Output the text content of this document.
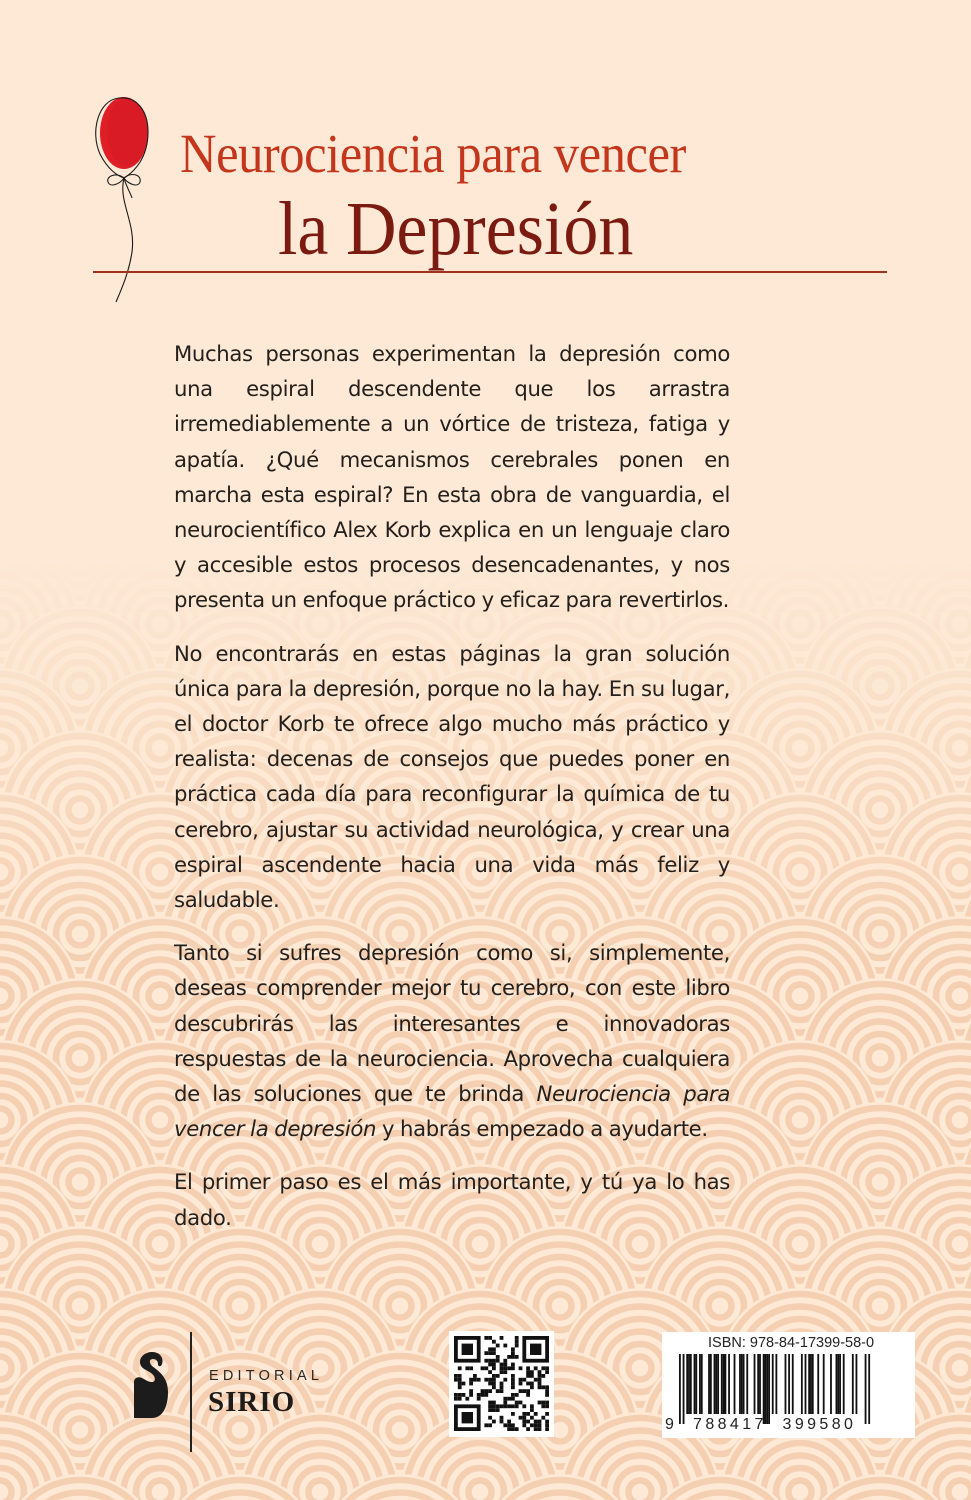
Neurociencia para vencer
la Depresión

Muchas personas experimentan la depresión como una espiral descendente que los arrastra irremediablemente a un vórtice de tristeza, fatiga y apatía. ¿Qué mecanismos cerebrales ponen en marcha esta espiral? En esta obra de vanguardia, el neurocientífico Alex Korb explica en un lenguaje claro y accesible estos procesos desencadenantes, y nos presenta un enfoque práctico y eficaz para revertirlos.

No encontrarás en estas páginas la gran solución única para la depresión, porque no la hay. En su lugar, el doctor Korb te ofrece algo mucho más práctico y realista: decenas de consejos que puedes poner en práctica cada día para reconfigurar la química de tu cerebro, ajustar su actividad neurológica, y crear una espiral ascendente hacia una vida más feliz y saludable.

Tanto si sufres depresión como si, simplemente, deseas comprender mejor tu cerebro, con este libro descubrirás las interesantes e innovadoras respuestas de la neurociencia. Aprovecha cualquiera de las soluciones que te brinda Neurociencia para vencer la depresión y habrás empezado a ayudarte.

El primer paso es el más importante, y tú ya lo has dado.

EDITORIAL
SIRIO
ISBN: 978-84-17399-58-0
9 788417 399580
